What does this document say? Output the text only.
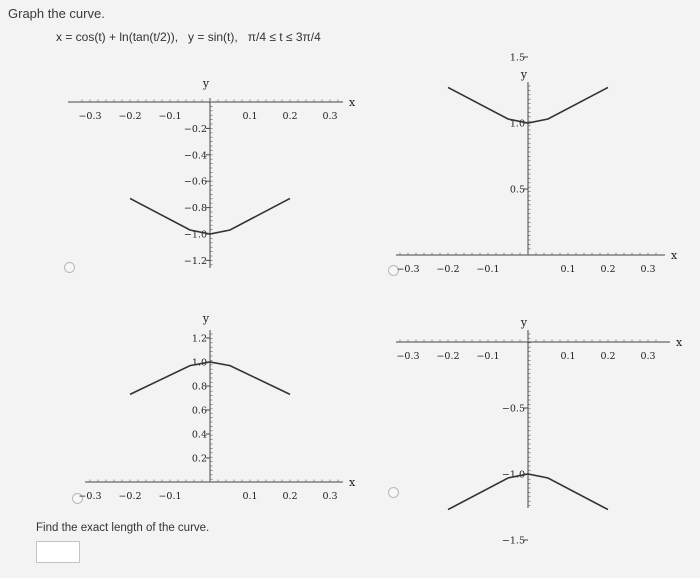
Graph the curve.
x = cos(t) + ln(tan(t/2)),   y = sin(t),   π/4 ≤ t ≤ 3π/4
−0.3 −0.2 −0.1	0.1	0.2	0.3
−0.2
−0.4
−0.6
−0.8
−1.0
−1.2
x
y
−0.3 −0.2 −0.1	0.1	0.2	0.3
1.5
1.0
0.5
x
y
−0.3 −0.2 −0.1	0.1	0.2	0.3
1.2
1.0
0.8
0.6
0.4
0.2
x
y
−0.3 −0.2 −0.1	0.1	0.2	0.3
−0.5
−1.0
−1.5
x
y
Find the exact length of the curve.
